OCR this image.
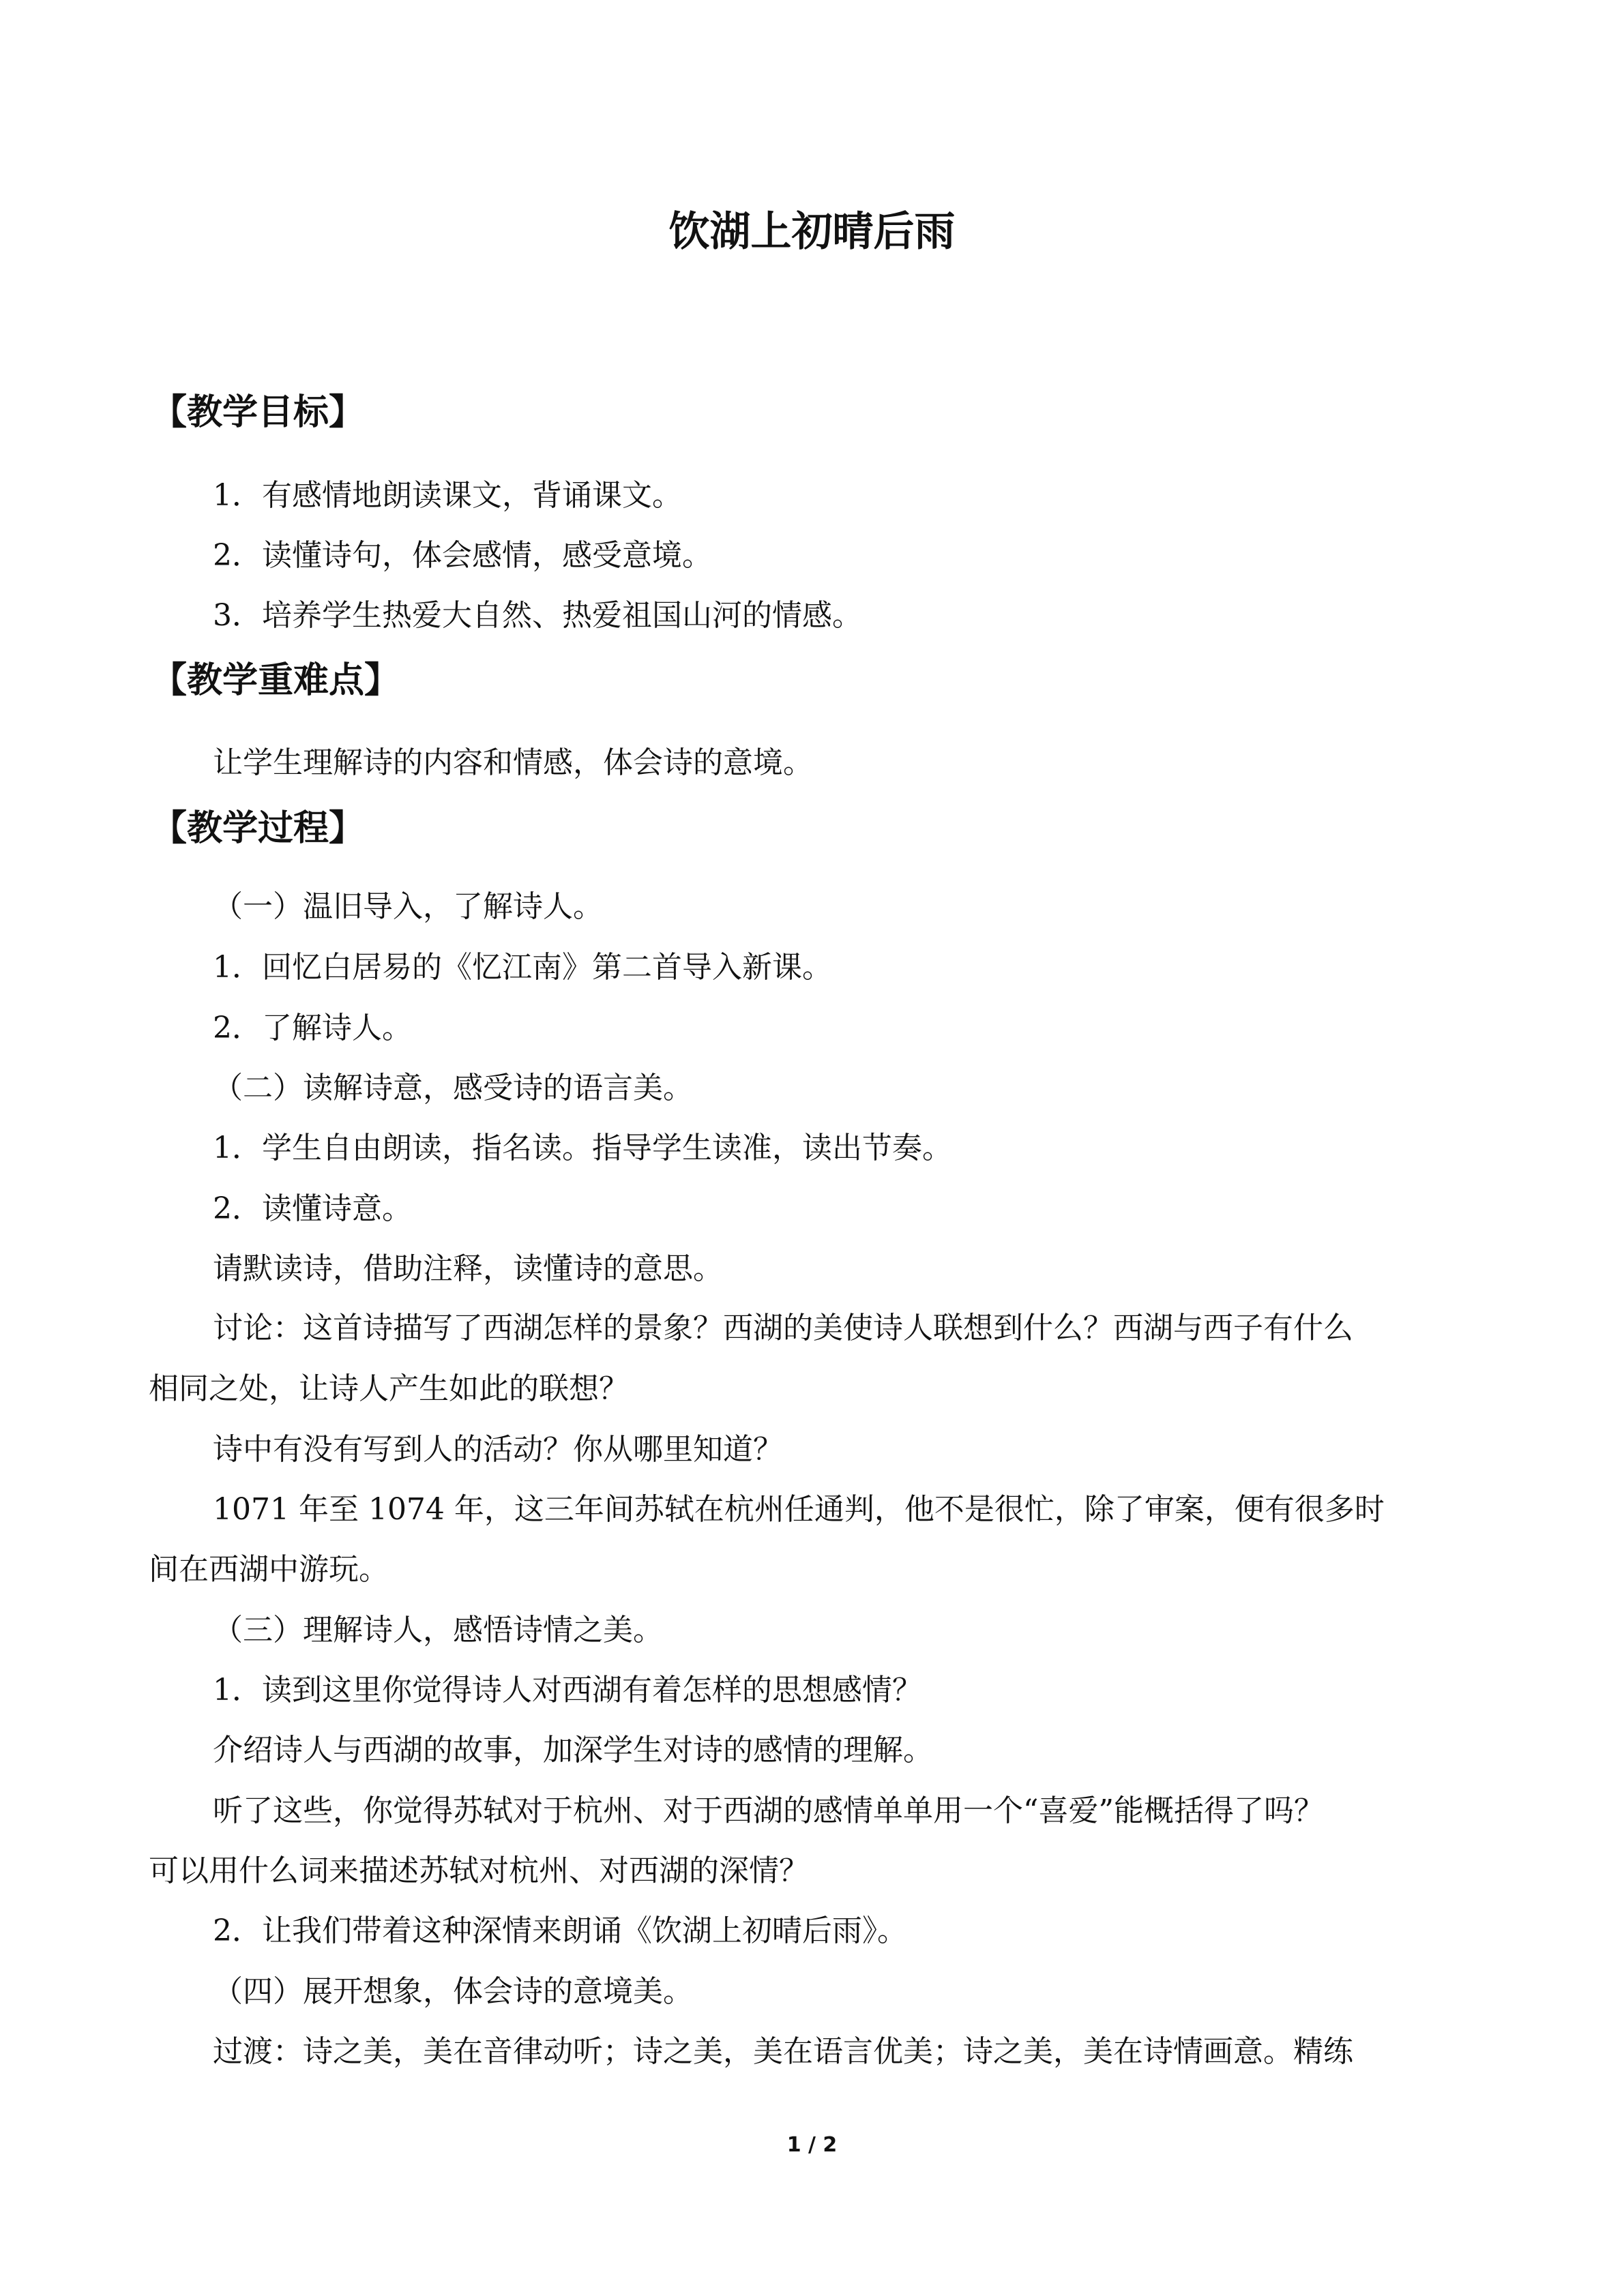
饮湖上初晴后雨
【教学目标】

1．有感情地朗读课文，背诵课文。

2．读懂诗句，体会感情，感受意境。

3．培养学生热爱大自然、热爱祖国山河的情感。

【教学重难点】

让学生理解诗的内容和情感，体会诗的意境。

【教学过程】

（一）温旧导入，了解诗人。

1．回忆白居易的《忆江南》第二首导入新课。

2．了解诗人。

（二）读解诗意，感受诗的语言美。

1．学生自由朗读，指名读。指导学生读准，读出节奏。

2．读懂诗意。

请默读诗，借助注释，读懂诗的意思。

讨论：这首诗描写了西湖怎样的景象？西湖的美使诗人联想到什么？西湖与西子有什么

相同之处，让诗人产生如此的联想？

诗中有没有写到人的活动？你从哪里知道？

1071 年至 1074 年，这三年间苏轼在杭州任通判，他不是很忙，除了审案，便有很多时

间在西湖中游玩。

（三）理解诗人，感悟诗情之美。

1．读到这里你觉得诗人对西湖有着怎样的思想感情？

介绍诗人与西湖的故事，加深学生对诗的感情的理解。

听了这些，你觉得苏轼对于杭州、对于西湖的感情单单用一个“喜爱”能概括得了吗？

可以用什么词来描述苏轼对杭州、对西湖的深情？

2．让我们带着这种深情来朗诵《饮湖上初晴后雨》。

（四）展开想象，体会诗的意境美。

过渡：诗之美，美在音律动听；诗之美，美在语言优美；诗之美，美在诗情画意。精练

1 / 2
